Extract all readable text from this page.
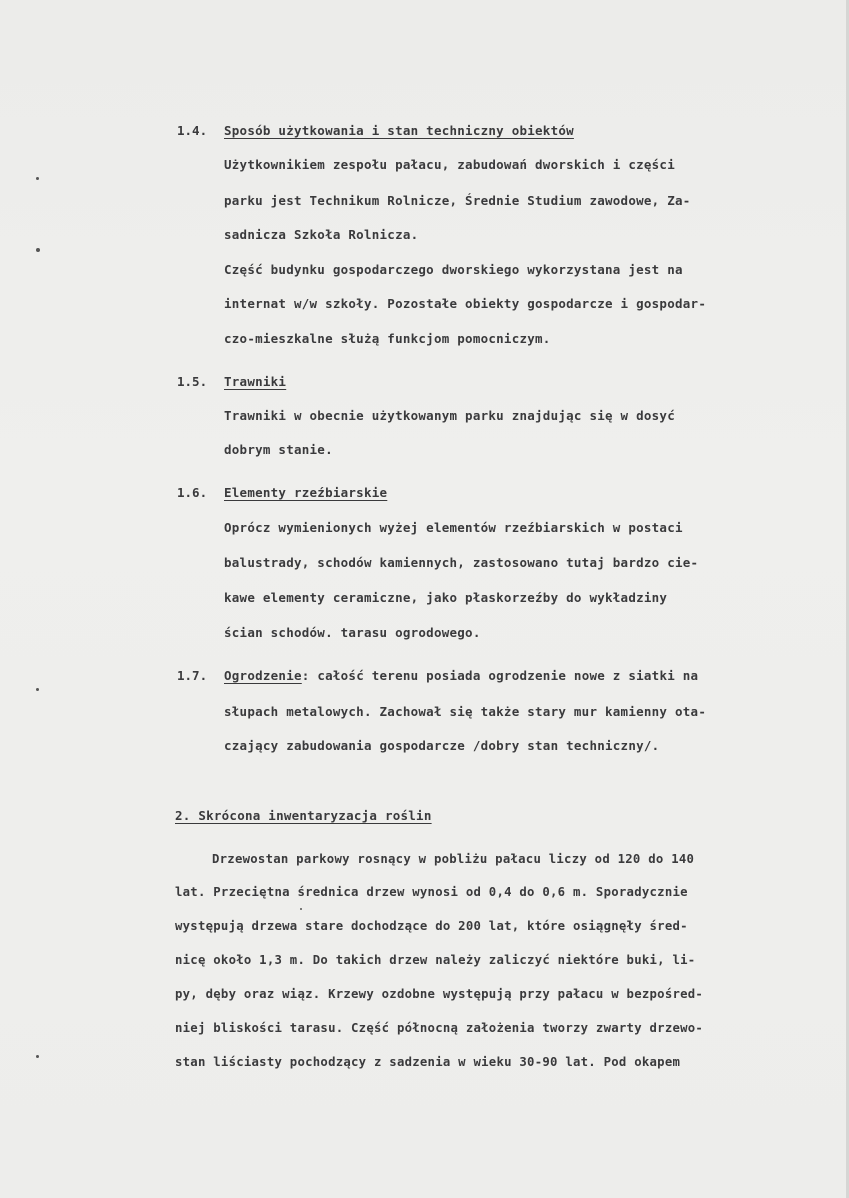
1.4. Sposób użytkowania i stan techniczny obiektów
Użytkownikiem zespołu pałacu, zabudowań dworskich i części
parku jest Technikum Rolnicze, Średnie Studium zawodowe, Za-
sadnicza Szkoła Rolnicza.
Część budynku gospodarczego dworskiego wykorzystana jest na
internat w/w szkoły. Pozostałe obiekty gospodarcze i gospodar-
czo-mieszkalne służą funkcjom pomocniczym.
1.5. Trawniki
Trawniki w obecnie użytkowanym parku znajdując się w dosyć
dobrym stanie.
1.6. Elementy rzeźbiarskie
Oprócz wymienionych wyżej elementów rzeźbiarskich w postaci
balustrady, schodów kamiennych, zastosowano tutaj bardzo cie-
kawe elementy ceramiczne, jako płaskorzeźby do wykładziny
ścian schodów. tarasu ogrodowego.
1.7. Ogrodzenie: całość terenu posiada ogrodzenie nowe z siatki na
słupach metalowych. Zachował się także stary mur kamienny ota-
czający zabudowania gospodarcze /dobry stan techniczny/.
2. Skrócona inwentaryzacja roślin
Drzewostan parkowy rosnący w pobliżu pałacu liczy od 120 do 140
lat. Przeciętna średnica drzew wynosi od 0,4 do 0,6 m. Sporadycznie
występują drzewa stare dochodzące do 200 lat, które osiągnęły śred-
nicę około 1,3 m. Do takich drzew należy zaliczyć niektóre buki, li-
py, dęby oraz wiąz. Krzewy ozdobne występują przy pałacu w bezpośred-
niej bliskości tarasu. Część północną założenia tworzy zwarty drzewo-
stan liściasty pochodzący z sadzenia w wieku 30-90 lat. Pod okapem
